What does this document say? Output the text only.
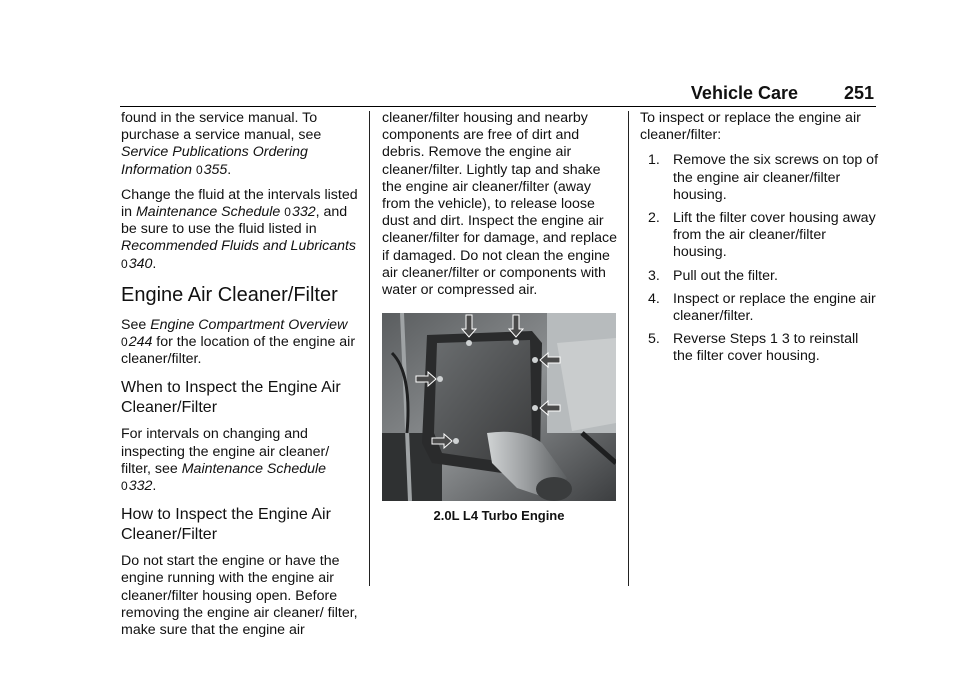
Vehicle Care	251

found in the service manual. To purchase a service manual, see Service Publications Ordering Information 0355.

Change the fluid at the intervals listed in Maintenance Schedule 0332, and be sure to use the fluid listed in Recommended Fluids and Lubricants 0340.

Engine Air Cleaner/Filter

See Engine Compartment Overview
0244 for the location of the engine air cleaner/filter.

When to Inspect the Engine Air Cleaner/Filter

For intervals on changing and inspecting the engine air cleaner/ filter, see Maintenance Schedule
0332.

How to Inspect the Engine Air Cleaner/Filter

Do not start the engine or have the engine running with the engine air cleaner/filter housing open. Before removing the engine air cleaner/ filter, make sure that the engine air

cleaner/filter housing and nearby components are free of dirt and debris. Remove the engine air cleaner/filter. Lightly tap and shake the engine air cleaner/filter (away from the vehicle), to release loose dust and dirt. Inspect the engine air cleaner/filter for damage, and replace if damaged. Do not clean the engine air cleaner/filter or components with water or compressed air.

2.0L L4 Turbo Engine

To inspect or replace the engine air cleaner/filter:

1. Remove the six screws on top of the engine air cleaner/filter housing.
2. Lift the filter cover housing away from the air cleaner/filter housing.
3. Pull out the filter.
4. Inspect or replace the engine air cleaner/filter.
5. Reverse Steps 1 3 to reinstall the filter cover housing.
